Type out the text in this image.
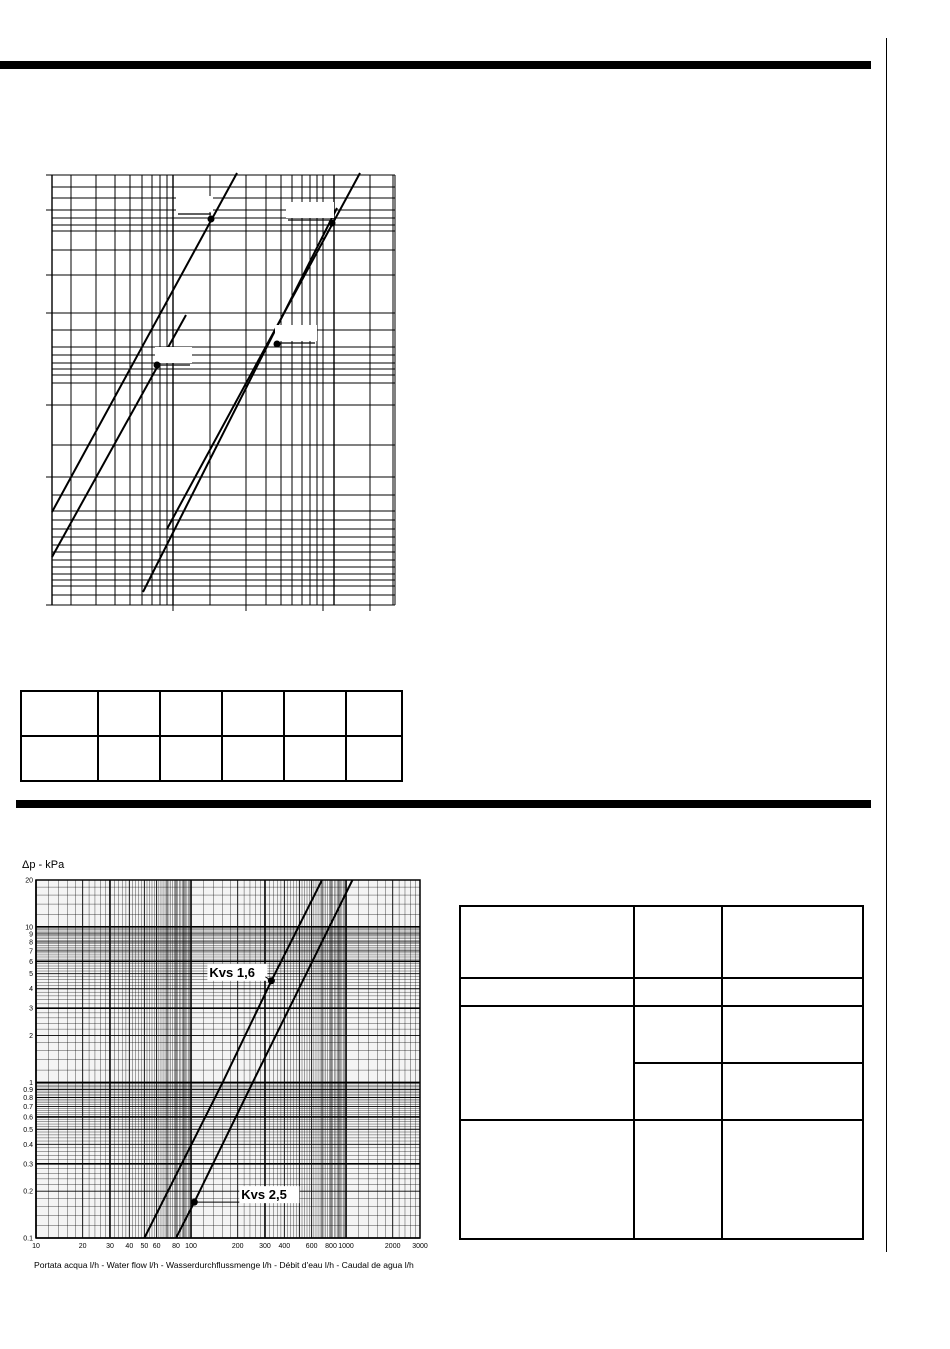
Δp - kPa
20
10
9
8
7
6
5
4
3
2
1
0.9
0.8
0.7
0.6
0.5
0.4
0.3
0.2
0.1
10	20	30 40 50 60 80 100	200 300 400 600 800 1000	2000 3000
Kvs 1,6
Kvs 2,5
Portata acqua l/h - Water flow l/h - Wasserdurchflussmenge l/h - Débit d'eau l/h - Caudal de agua l/h
